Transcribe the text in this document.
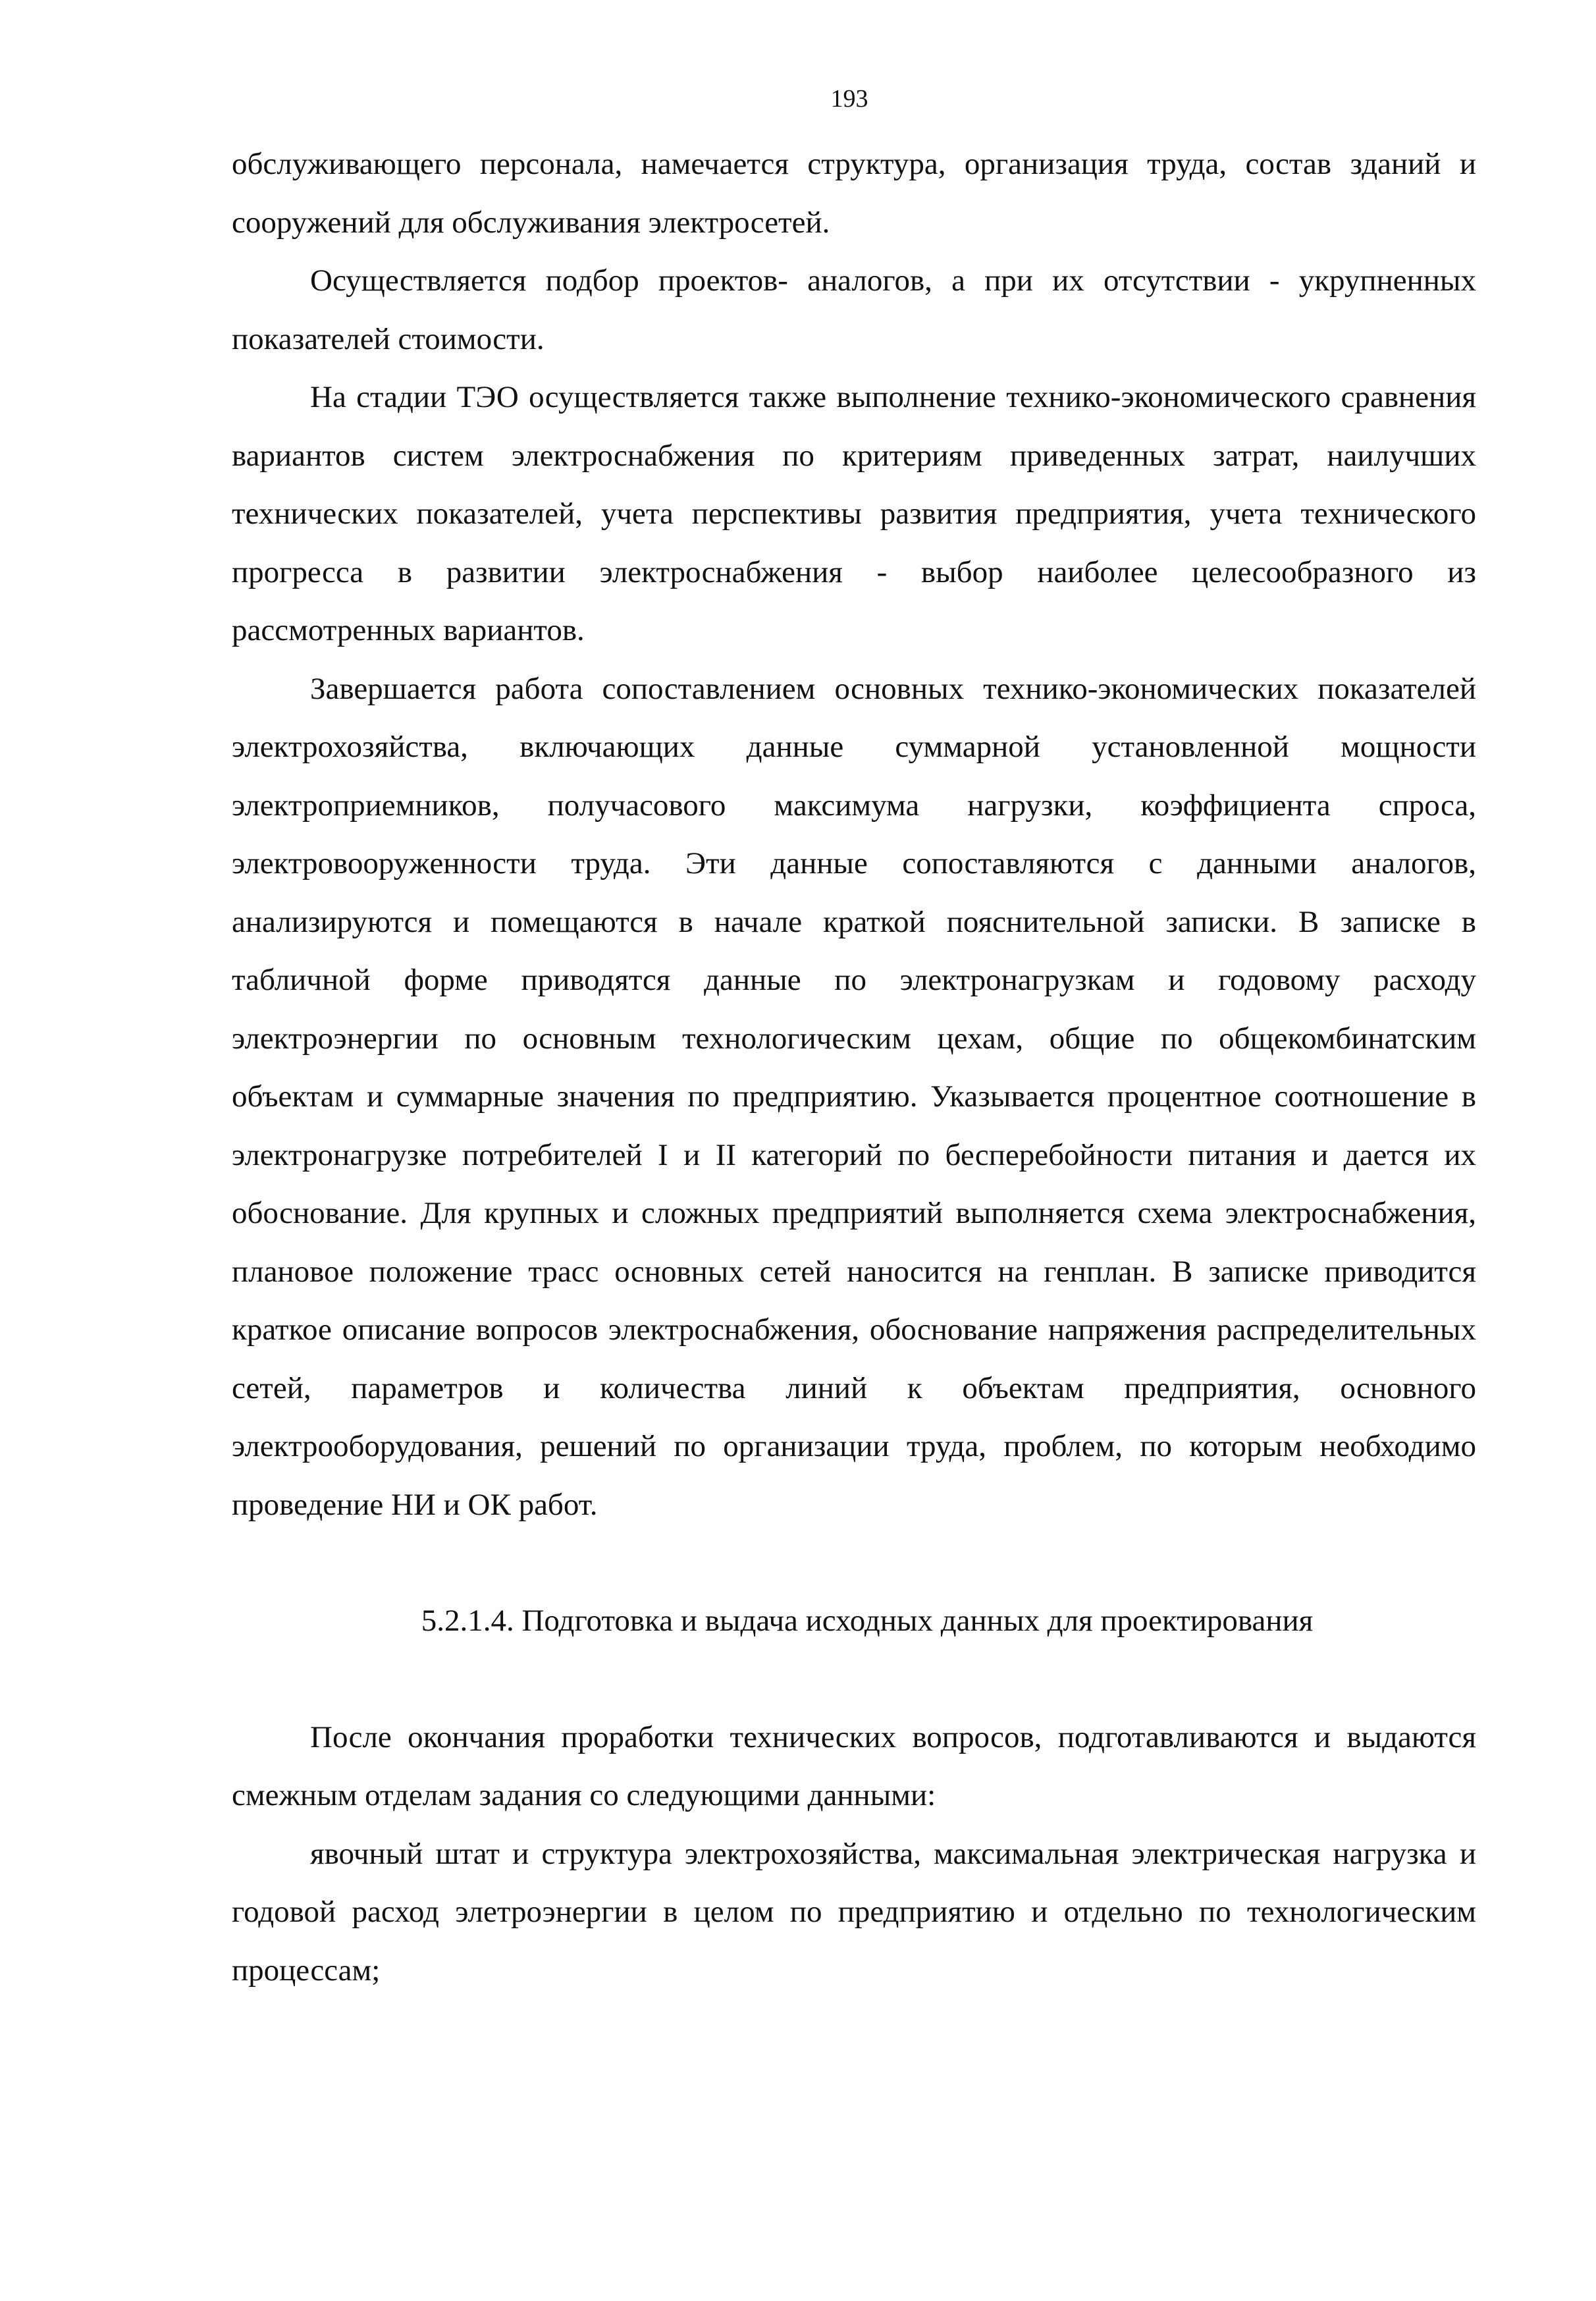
193

обслуживающего персонала, намечается структура, организация труда, состав зданий и сооружений для обслуживания электросетей.

Осуществляется подбор проектов- аналогов, а при их отсутствии - укрупненных показателей стоимости.

На стадии ТЭО осуществляется также выполнение технико-экономического сравнения вариантов систем электроснабжения по критериям приведенных затрат, наилучших технических показателей, учета перспективы развития предприятия, учета технического прогресса в развитии электроснабжения - выбор наиболее целесообразного из рассмотренных вариантов.

Завершается работа сопоставлением основных технико-экономических показателей электрохозяйства, включающих данные суммарной установленной мощности электроприемников, получасового максимума нагрузки, коэффициента спроса, электровооруженности труда. Эти данные сопоставляются с данными аналогов, анализируются и помещаются в начале краткой пояснительной записки. В записке в табличной форме приводятся данные по электронагрузкам и годовому расходу электроэнергии по основным технологическим цехам, общие по общекомбинатским объектам и суммарные значения по предприятию. Указывается процентное соотношение в электронагрузке потребителей I и II категорий по бесперебойности питания и дается их обоснование. Для крупных и сложных предприятий выполняется схема электроснабжения, плановое положение трасс основных сетей наносится на генплан. В записке приводится краткое описание вопросов электроснабжения, обоснование напряжения распределительных сетей, параметров и количества линий к объектам предприятия, основного электрооборудования, решений по организации труда, проблем, по которым необходимо проведение НИ и ОК работ.

5.2.1.4. Подготовка и выдача исходных данных для проектирования

После окончания проработки технических вопросов, подготавливаются и выдаются смежным отделам задания со следующими данными:

явочный штат и структура электрохозяйства, максимальная электрическая нагрузка и годовой расход элетроэнергии в целом по предприятию и отдельно по технологическим процессам;
